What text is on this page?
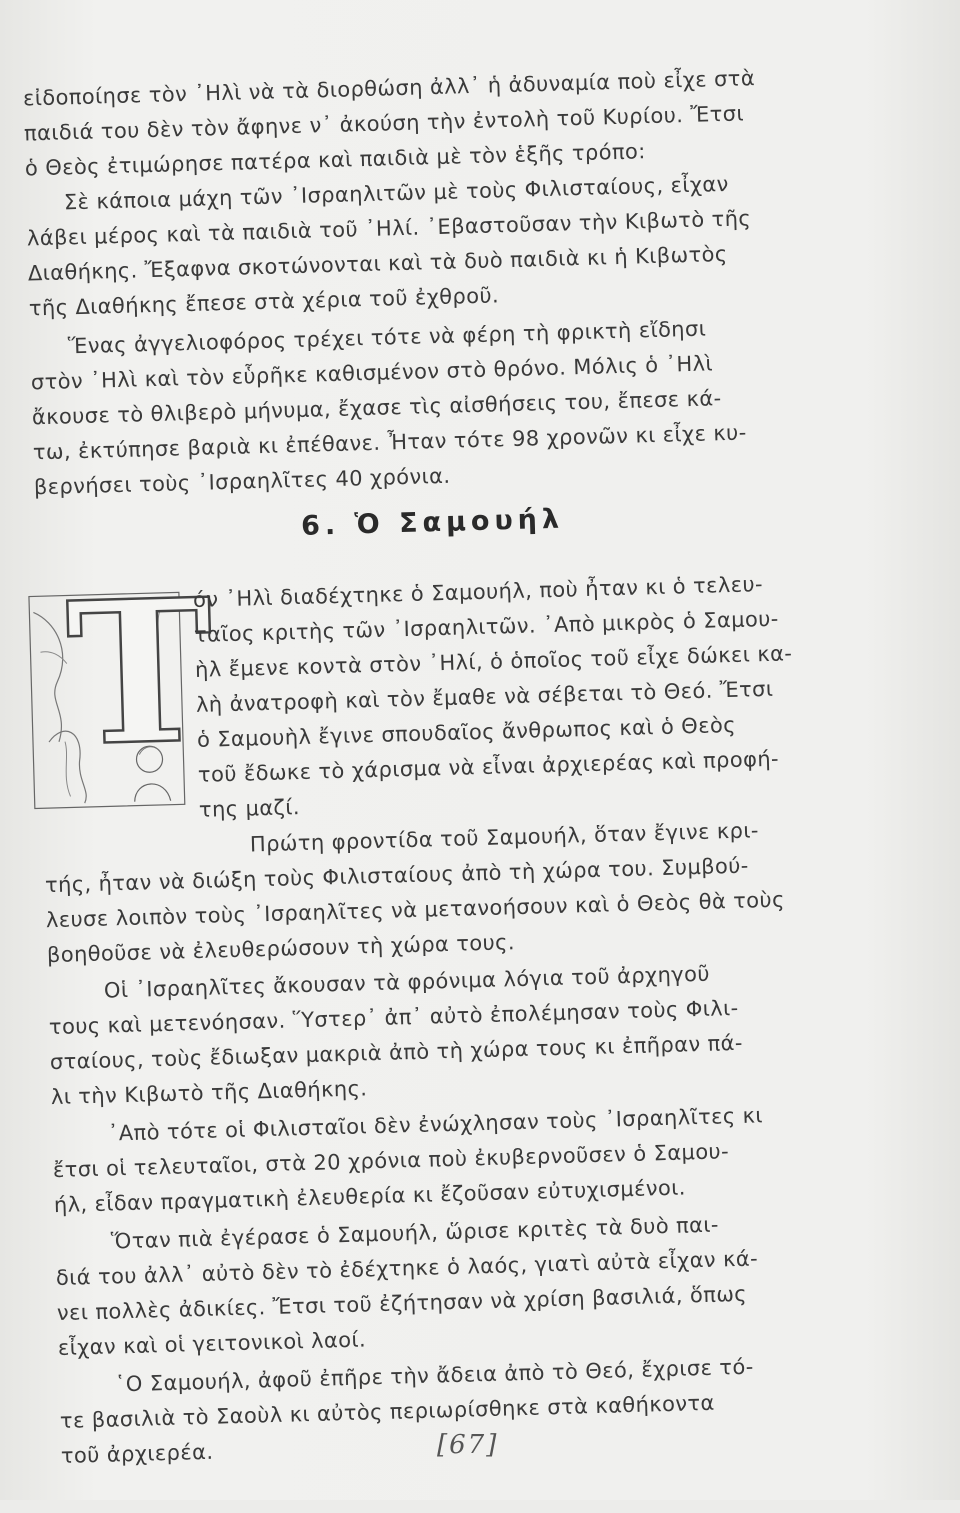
εἰδοποίησε τὸν ᾿Ηλὶ νὰ τὰ διορθώση ἀλλ᾿ ἡ ἀδυναμία ποὺ εἶχε στὰ
παιδιά του δὲν τὸν ἄφηνε ν᾿ ἀκούση τὴν ἐντολὴ τοῦ Κυρίου. Ἔτσι
ὁ Θεὸς ἐτιμώρησε πατέρα καὶ παιδιὰ μὲ τὸν ἑξῆς τρόπο:
Σὲ κάποια μάχη τῶν ᾿Ισραηλιτῶν μὲ τοὺς Φιλισταίους, εἶχαν
λάβει μέρος καὶ τὰ παιδιὰ τοῦ ᾿Ηλί. ᾿Εβαστοῦσαν τὴν Κιβωτὸ τῆς
Διαθήκης. Ἔξαφνα σκοτώνονται καὶ τὰ δυὸ παιδιὰ κι ἡ Κιβωτὸς
τῆς Διαθήκης ἔπεσε στὰ χέρια τοῦ ἐχθροῦ.
Ἕνας ἀγγελιοφόρος τρέχει τότε νὰ φέρη τὴ φρικτὴ εἴδησι
στὸν ᾿Ηλὶ καὶ τὸν εὗρῆκε καθισμένον στὸ θρόνο. Μόλις ὁ ᾿Ηλὶ
ἄκουσε τὸ θλιβερὸ μήνυμα, ἔχασε τὶς αἰσθήσεις του, ἔπεσε κά-
τω, ἐκτύπησε βαριὰ κι ἐπέθανε. Ἦταν τότε 98 χρονῶν κι εἶχε κυ-
βερνήσει τοὺς ᾿Ισραηλῖτες 40 χρόνια.
6. Ὁ Σαμουήλ
Τ
όν ᾿Ηλὶ διαδέχτηκε ὁ Σαμουήλ, ποὺ ἦταν κι ὁ τελευ-
ταῖος κριτὴς τῶν ᾿Ισραηλιτῶν. ᾿Απὸ μικρὸς ὁ Σαμου-
ὴλ ἔμενε κοντὰ στὸν ᾿Ηλί, ὁ ὁποῖος τοῦ εἶχε δώκει κα-
λὴ ἀνατροφὴ καὶ τὸν ἔμαθε νὰ σέβεται τὸ Θεό. Ἔτσι
ὁ Σαμουὴλ ἔγινε σπουδαῖος ἄνθρωπος καὶ ὁ Θεὸς
τοῦ ἔδωκε τὸ χάρισμα νὰ εἶναι ἀρχιερέας καὶ προφή-
της μαζί.
Πρώτη φροντίδα τοῦ Σαμουήλ, ὅταν ἔγινε κρι-
τής, ἦταν νὰ διώξη τοὺς Φιλισταίους ἀπὸ τὴ χώρα του. Συμβού-
λευσε λοιπὸν τοὺς ᾿Ισραηλῖτες νὰ μετανοήσουν καὶ ὁ Θεὸς θὰ τοὺς
βοηθοῦσε νὰ ἐλευθερώσουν τὴ χώρα τους.
Οἱ ᾿Ισραηλῖτες ἄκουσαν τὰ φρόνιμα λόγια τοῦ ἀρχηγοῦ
τους καὶ μετενόησαν. Ὕστερ᾿ ἀπ᾿ αὐτὸ ἐπολέμησαν τοὺς Φιλι-
σταίους, τοὺς ἔδιωξαν μακριὰ ἀπὸ τὴ χώρα τους κι ἐπῆραν πά-
λι τὴν Κιβωτὸ τῆς Διαθήκης.
᾿Απὸ τότε οἱ Φιλισταῖοι δὲν ἐνώχλησαν τοὺς ᾿Ισραηλῖτες κι
ἔτσι οἱ τελευταῖοι, στὰ 20 χρόνια ποὺ ἐκυβερνοῦσεν ὁ Σαμου-
ήλ, εἶδαν πραγματικὴ ἐλευθερία κι ἔζοῦσαν εὐτυχισμένοι.
Ὅταν πιὰ ἐγέρασε ὁ Σαμουήλ, ὥρισε κριτὲς τὰ δυὸ παι-
διά του ἀλλ᾿ αὐτὸ δὲν τὸ ἐδέχτηκε ὁ λαός, γιατὶ αὐτὰ εἶχαν κά-
νει πολλὲς ἀδικίες. Ἔτσι τοῦ ἐζήτησαν νὰ χρίση βασιλιά, ὅπως
εἶχαν καὶ οἱ γειτονικοὶ λαοί.
῾Ο Σαμουήλ, ἀφοῦ ἐπῆρε τὴν ἄδεια ἀπὸ τὸ Θεό, ἔχρισε τό-
τε βασιλιὰ τὸ Σαοὺλ κι αὐτὸς περιωρίσθηκε στὰ καθήκοντα
τοῦ ἀρχιερέα.	[67]
